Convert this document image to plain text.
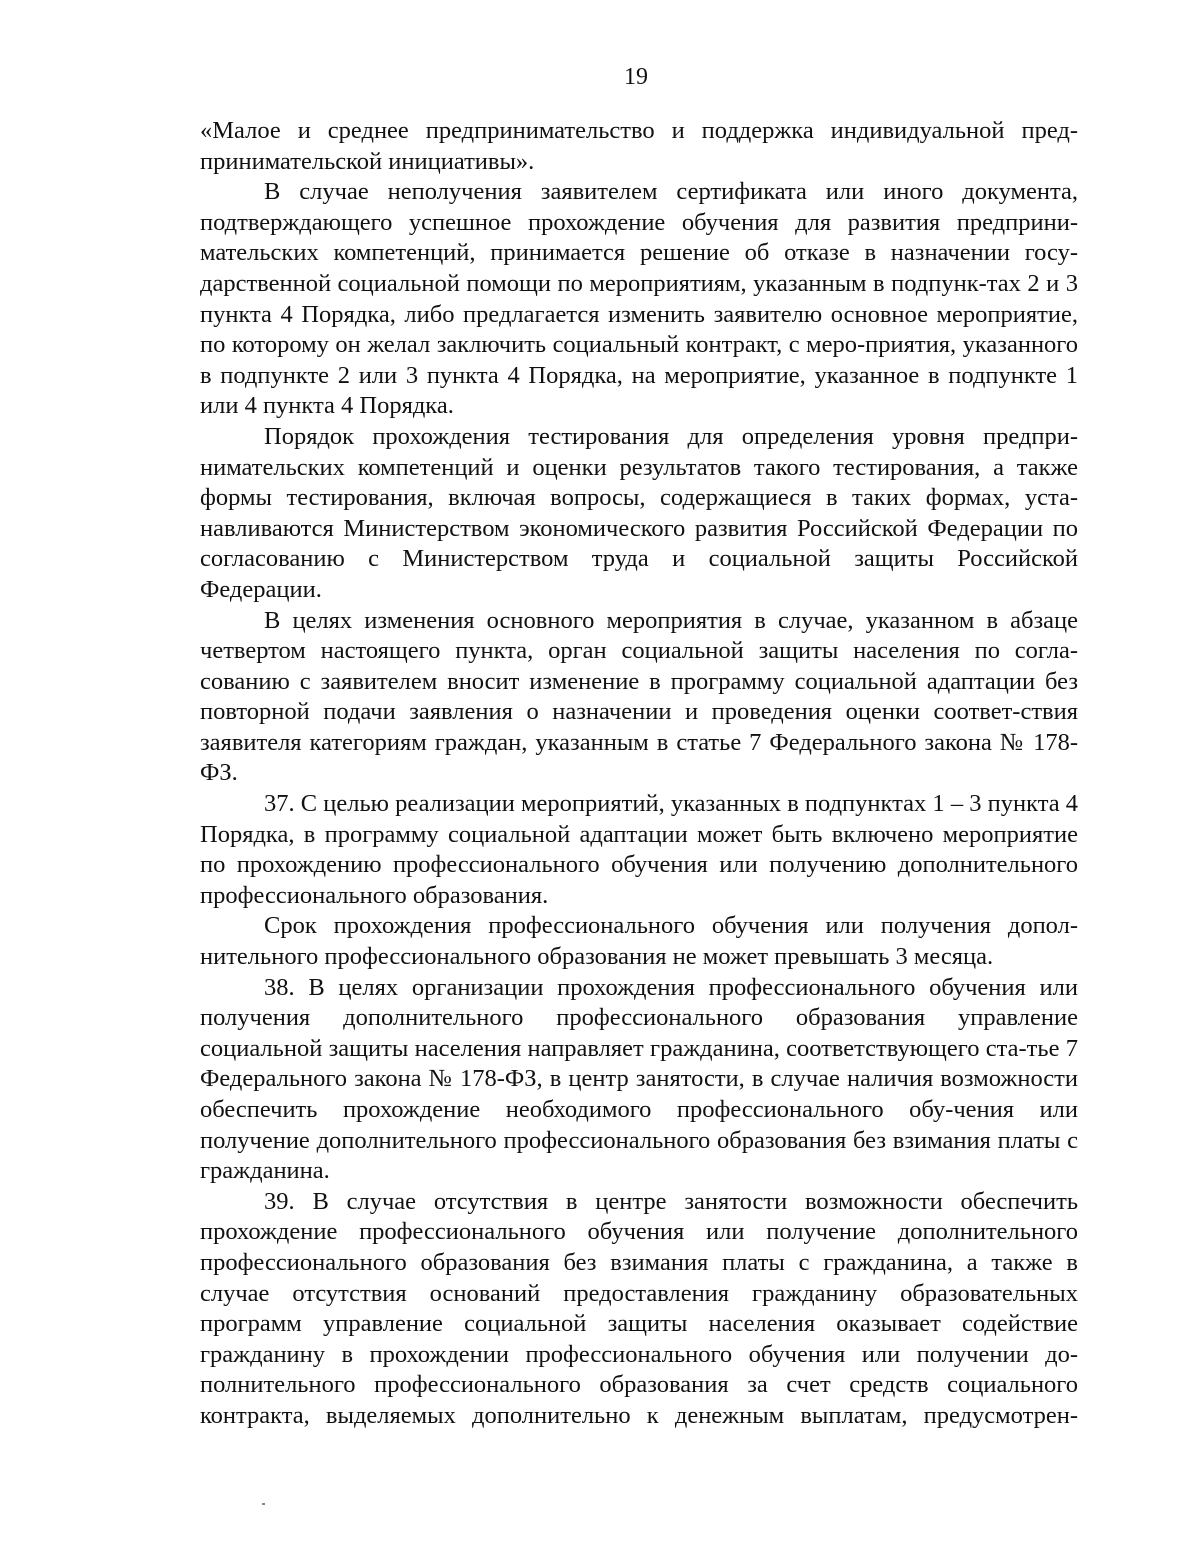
19

«Малое и среднее предпринимательство и поддержка индивидуальной пред-принимательской инициативы».

В случае неполучения заявителем сертификата или иного документа, подтверждающего успешное прохождение обучения для развития предприни-мательских компетенций, принимается решение об отказе в назначении госу-дарственной социальной помощи по мероприятиям, указанным в подпунк-тах 2 и 3 пункта 4 Порядка, либо предлагается изменить заявителю основное мероприятие, по которому он желал заключить социальный контракт, с меро-приятия, указанного в подпункте 2 или 3 пункта 4 Порядка, на мероприятие, указанное в подпункте 1 или 4 пункта 4 Порядка.

Порядок прохождения тестирования для определения уровня предпри-нимательских компетенций и оценки результатов такого тестирования, а также формы тестирования, включая вопросы, содержащиеся в таких формах, уста-навливаются Министерством экономического развития Российской Федерации по согласованию с Министерством труда и социальной защиты Российской Федерации.

В целях изменения основного мероприятия в случае, указанном в абзаце четвертом настоящего пункта, орган социальной защиты населения по согла-сованию с заявителем вносит изменение в программу социальной адаптации без повторной подачи заявления о назначении и проведения оценки соответ-ствия заявителя категориям граждан, указанным в статье 7 Федерального закона № 178-ФЗ.

37. С целью реализации мероприятий, указанных в подпунктах 1 – 3 пункта 4 Порядка, в программу социальной адаптации может быть включено мероприятие по прохождению профессионального обучения или получению дополнительного профессионального образования.

Срок прохождения профессионального обучения или получения допол-нительного профессионального образования не может превышать 3 месяца.

38. В целях организации прохождения профессионального обучения или получения дополнительного профессионального образования управление социальной защиты населения направляет гражданина, соответствующего ста-тье 7 Федерального закона № 178-ФЗ, в центр занятости, в случае наличия возможности обеспечить прохождение необходимого профессионального обу-чения или получение дополнительного профессионального образования без взимания платы с гражданина.

39. В случае отсутствия в центре занятости возможности обеспечить прохождение профессионального обучения или получение дополнительного профессионального образования без взимания платы с гражданина, а также в случае отсутствия оснований предоставления гражданину образовательных программ управление социальной защиты населения оказывает содействие гражданину в прохождении профессионального обучения или получении до-полнительного профессионального образования за счет средств социального контракта, выделяемых дополнительно к денежным выплатам, предусмотрен-
